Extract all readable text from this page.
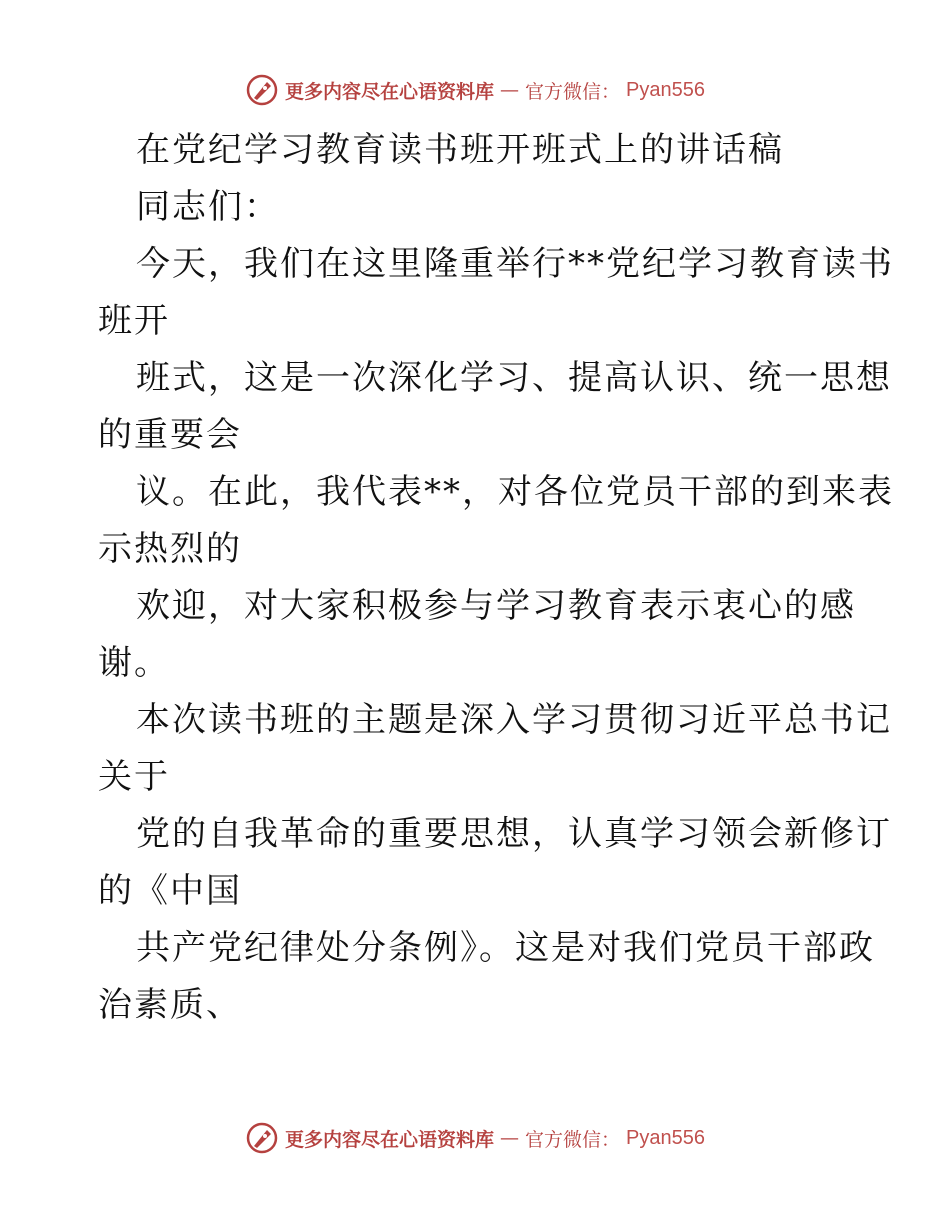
更多内容尽在心语资料库 — 官方微信： Pyan556
在党纪学习教育读书班开班式上的讲话稿
同志们：
今天，我们在这里隆重举行**党纪学习教育读书
班开
班式，这是一次深化学习、提高认识、统一思想
的重要会
议。在此，我代表**，对各位党员干部的到来表
示热烈的
欢迎，对大家积极参与学习教育表示衷心的感
谢。
本次读书班的主题是深入学习贯彻习近平总书记
关于
党的自我革命的重要思想，认真学习领会新修订
的《中国
共产党纪律处分条例》。这是对我们党员干部政
治素质、
更多内容尽在心语资料库 — 官方微信： Pyan556
